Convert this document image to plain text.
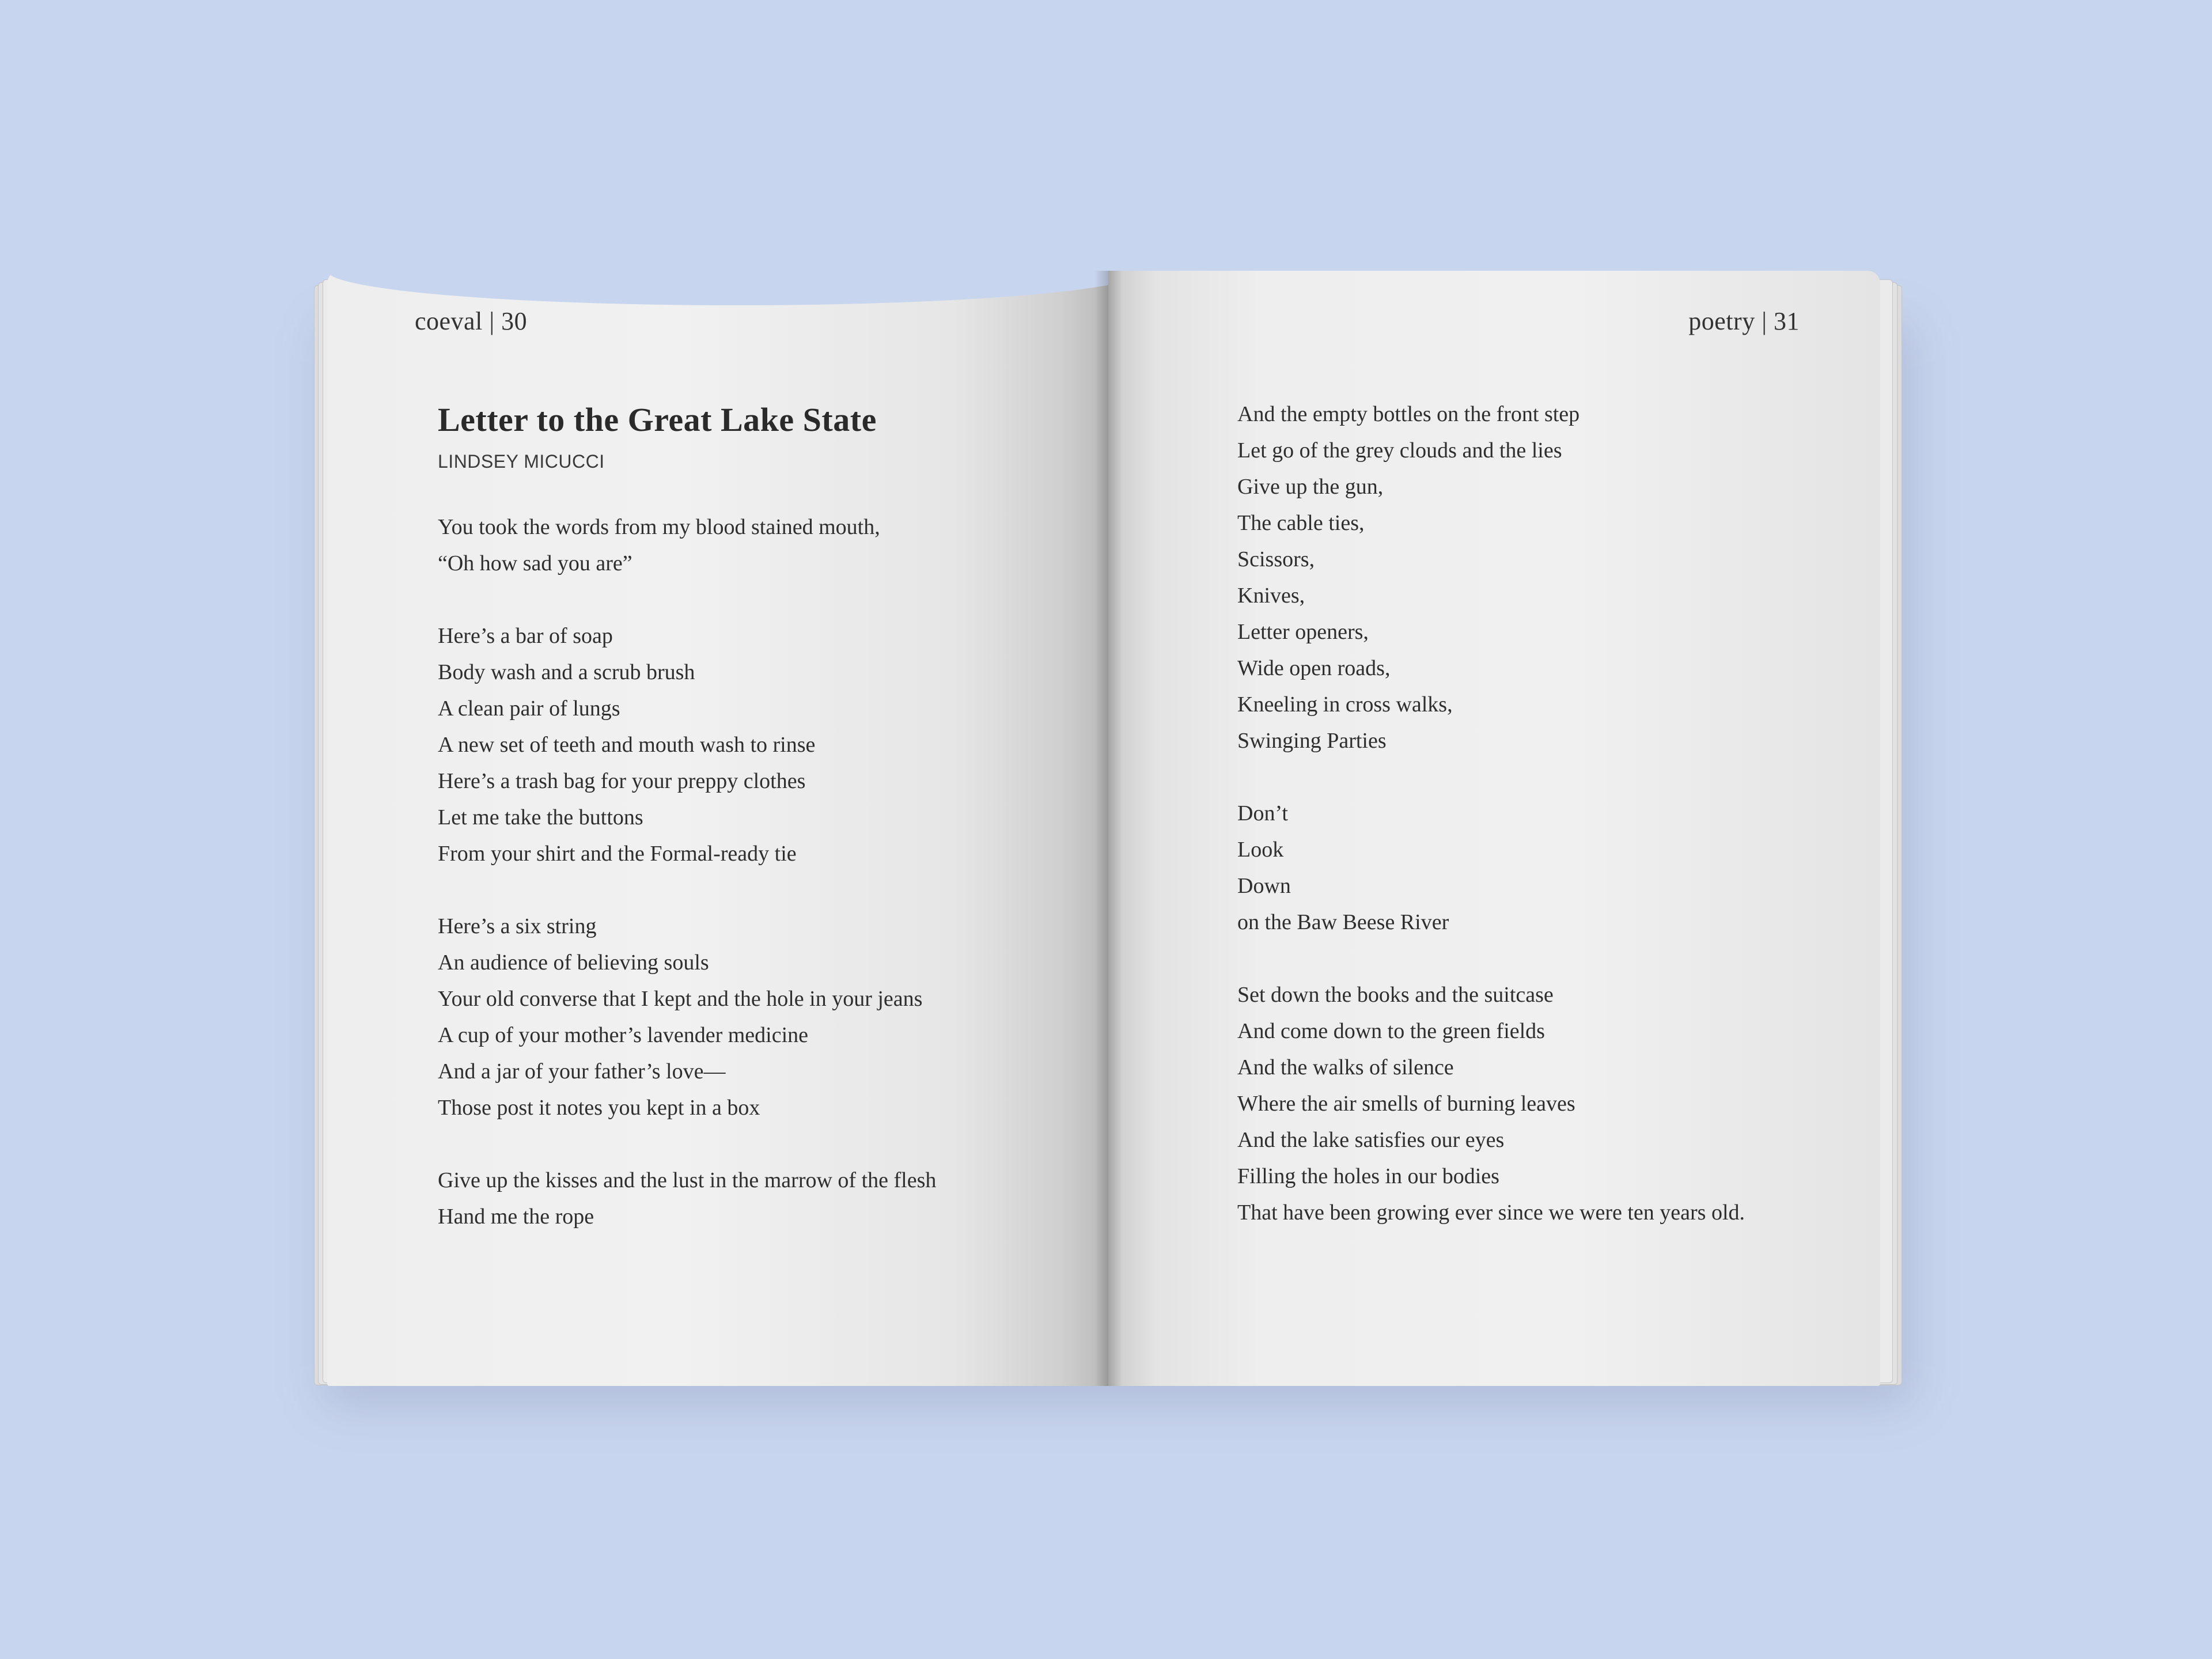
coeval | 30	poetry | 31
Letter to the Great Lake State
LINDSEY MICUCCI
You took the words from my blood stained mouth,
“Oh how sad you are”
Here’s a bar of soap
Body wash and a scrub brush
A clean pair of lungs
A new set of teeth and mouth wash to rinse
Here’s a trash bag for your preppy clothes
Let me take the buttons
From your shirt and the Formal-ready tie
Here’s a six string
An audience of believing souls
Your old converse that I kept and the hole in your jeans
A cup of your mother’s lavender medicine
And a jar of your father’s love—
Those post it notes you kept in a box
Give up the kisses and the lust in the marrow of the flesh
Hand me the rope
And the empty bottles on the front step
Let go of the grey clouds and the lies
Give up the gun,
The cable ties,
Scissors,
Knives,
Letter openers,
Wide open roads,
Kneeling in cross walks,
Swinging Parties
Don’t
Look
Down
on the Baw Beese River
Set down the books and the suitcase
And come down to the green fields
And the walks of silence
Where the air smells of burning leaves
And the lake satisfies our eyes
Filling the holes in our bodies
That have been growing ever since we were ten years old.
